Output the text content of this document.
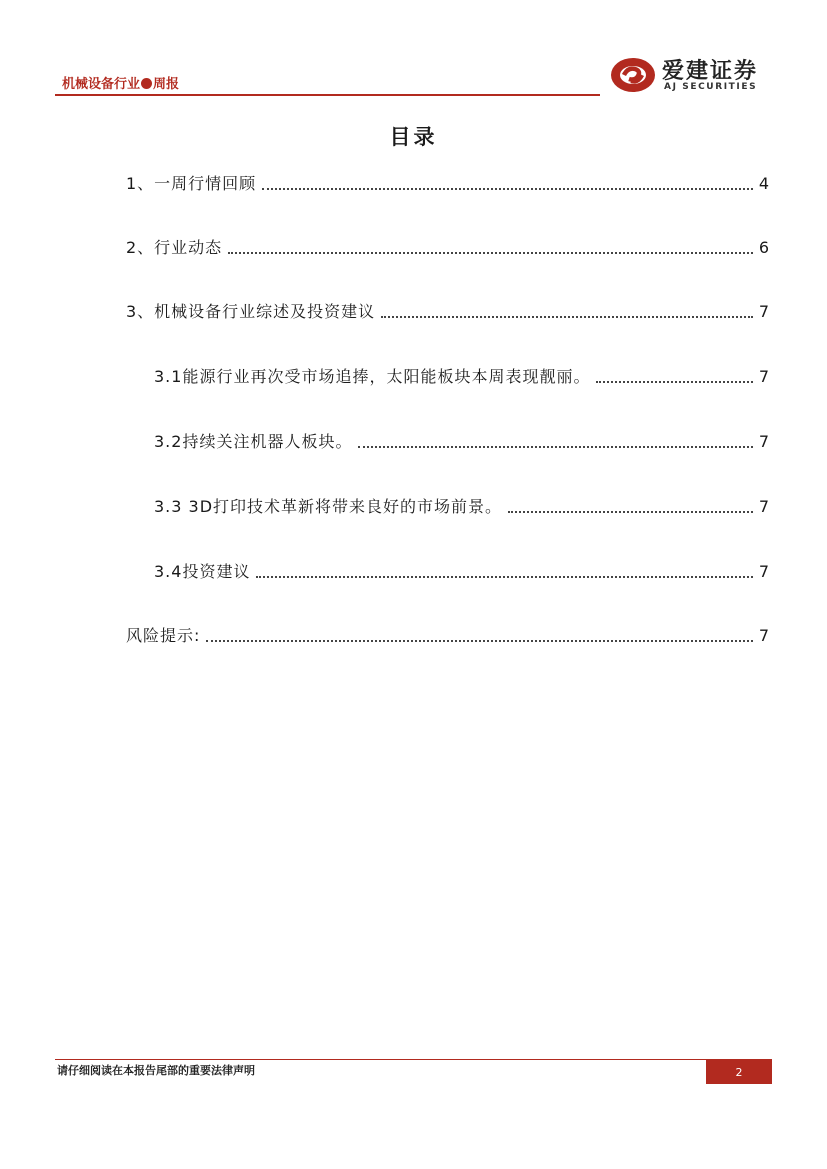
机械设备行业 周报
爱建证券
AJ SECURITIES
目录
1、一周行情回顾	4
2、行业动态	6
3、机械设备行业综述及投资建议	7
3.1能源行业再次受市场追捧，太阳能板块本周表现靓丽。	7
3.2持续关注机器人板块。	7
3.3 3D打印技术革新将带来良好的市场前景。	7
3.4投资建议	7
风险提示:	7
请仔细阅读在本报告尾部的重要法律声明	2
